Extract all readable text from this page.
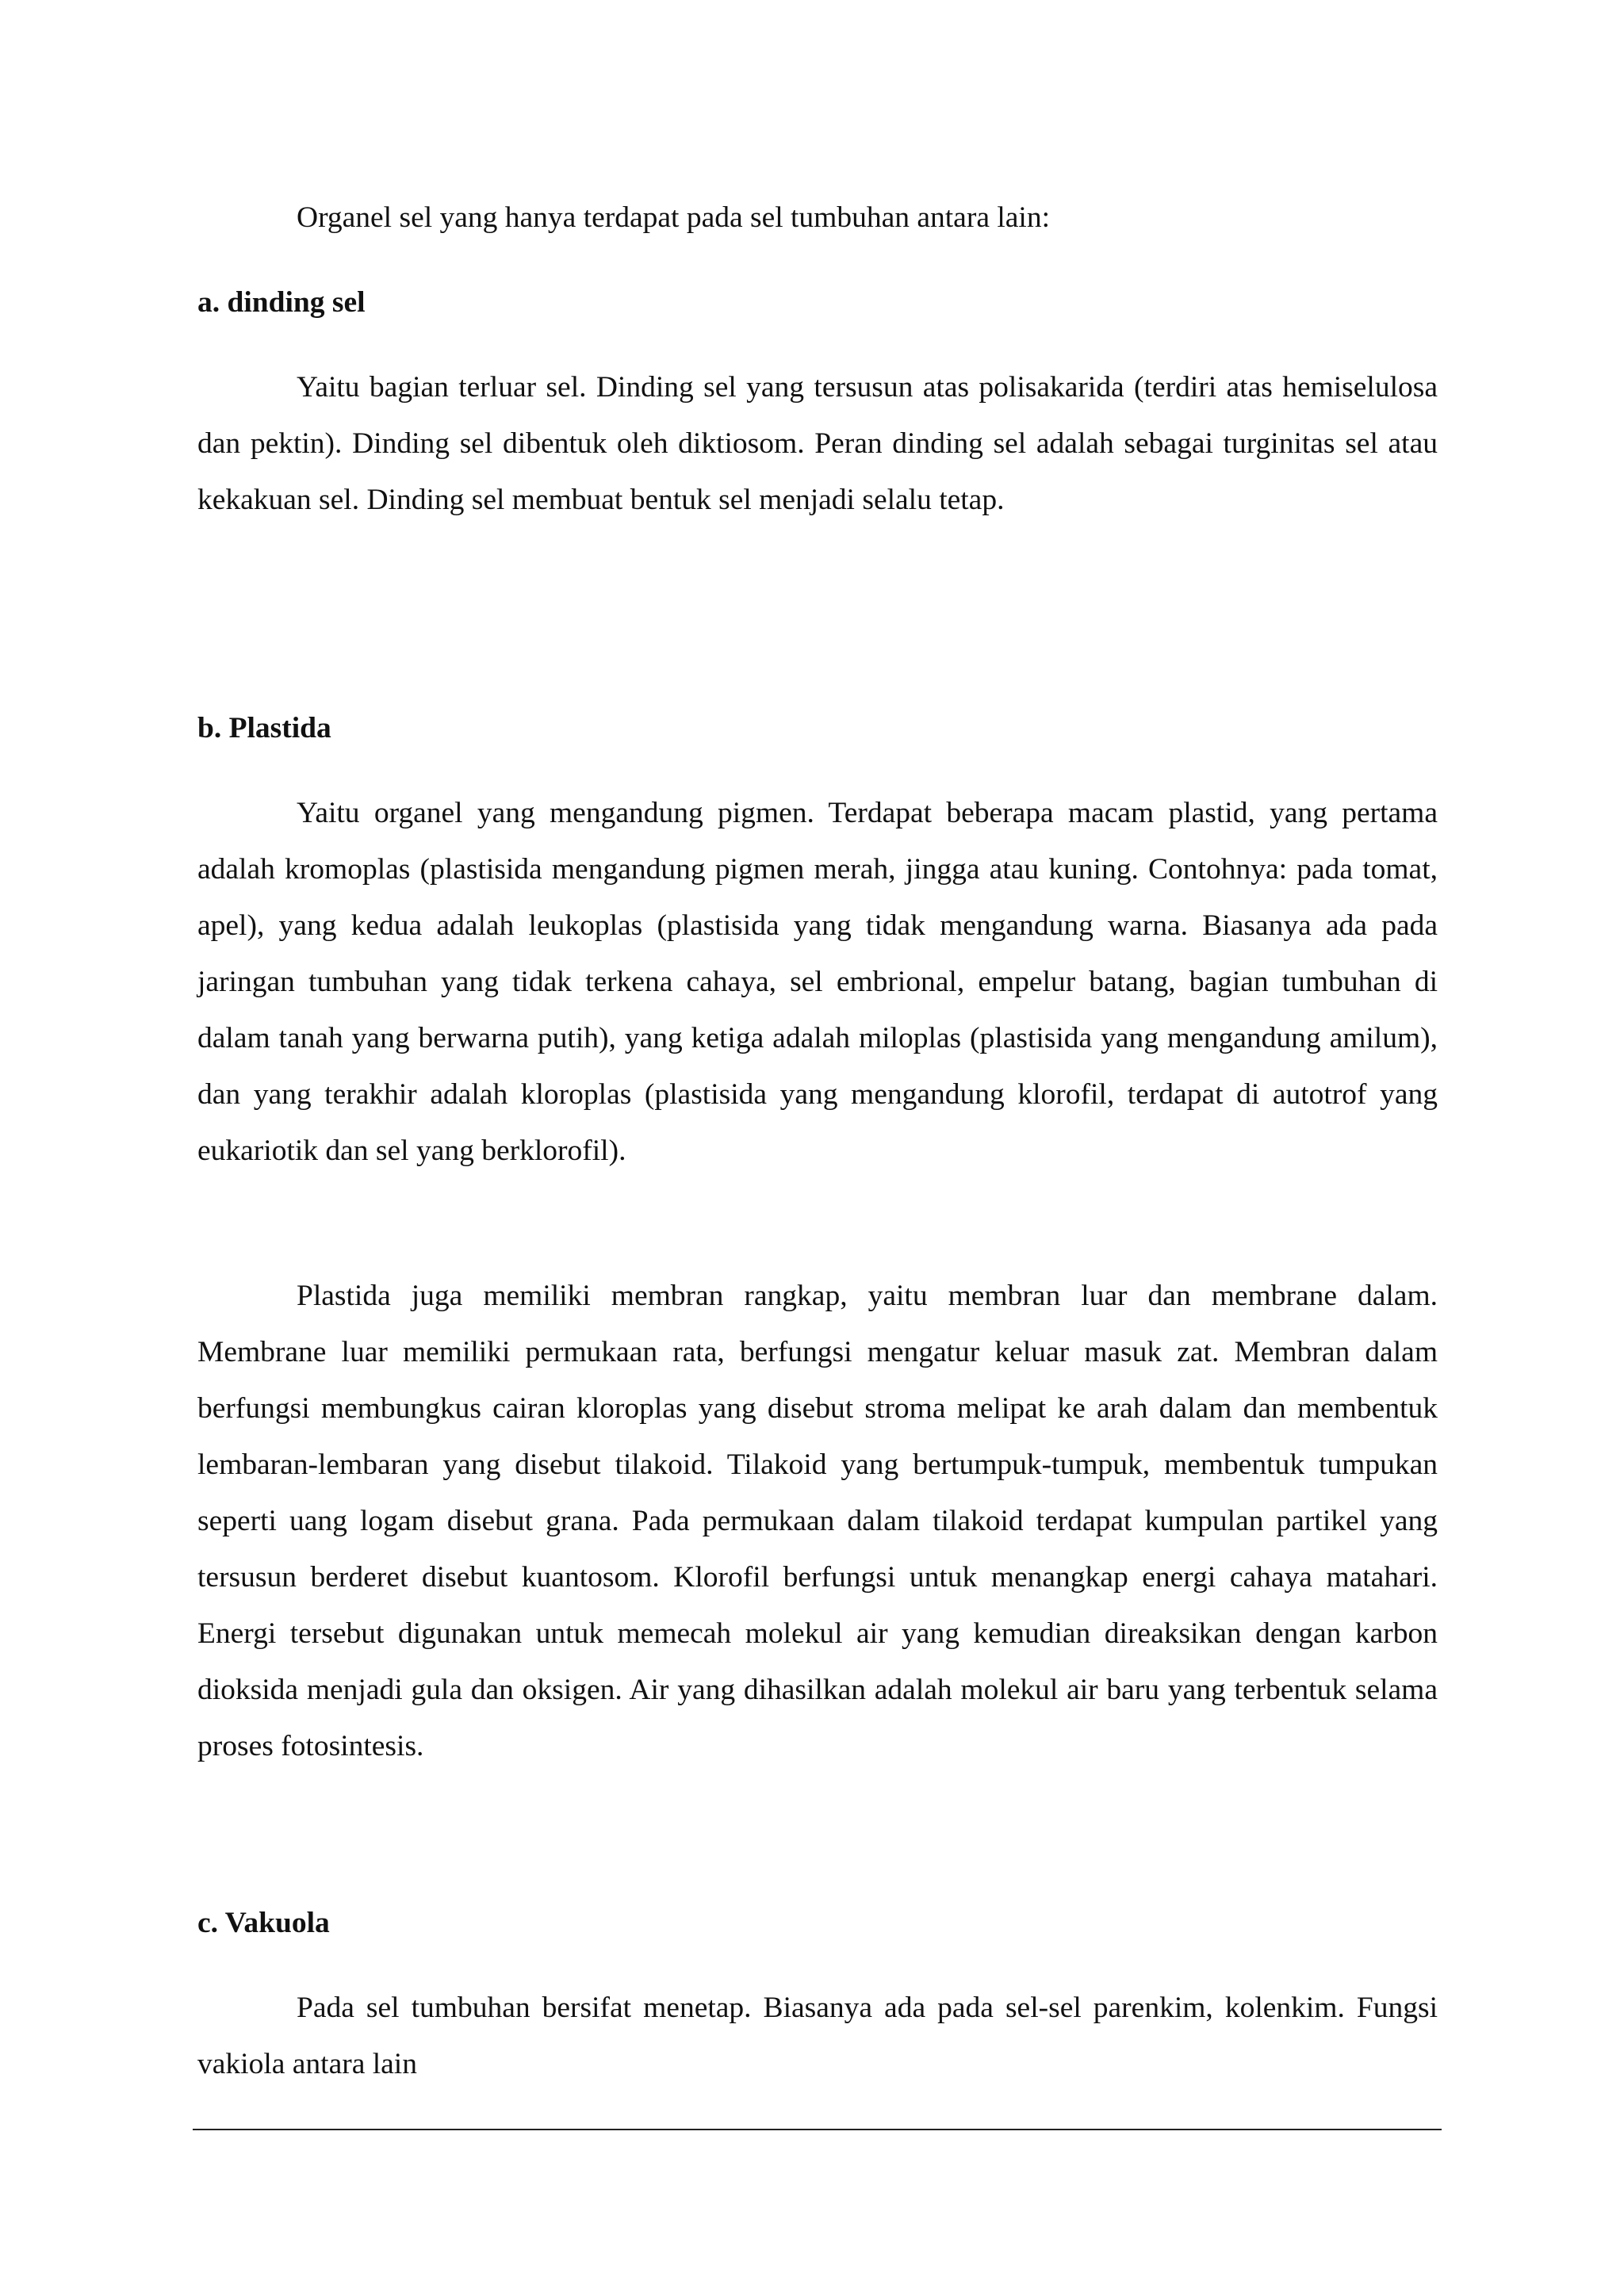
Organel sel yang hanya terdapat pada sel tumbuhan antara lain:

a. dinding sel

Yaitu bagian terluar sel. Dinding sel yang tersusun atas polisakarida (terdiri atas hemiselulosa dan pektin). Dinding sel dibentuk oleh diktiosom. Peran dinding sel adalah sebagai turginitas sel atau kekakuan sel. Dinding sel membuat bentuk sel menjadi selalu tetap.

b. Plastida

Yaitu organel yang mengandung pigmen. Terdapat beberapa macam plastid, yang pertama adalah kromoplas (plastisida mengandung pigmen merah, jingga atau kuning. Contohnya: pada tomat, apel), yang kedua adalah leukoplas (plastisida yang tidak mengandung warna. Biasanya ada pada jaringan tumbuhan yang tidak terkena cahaya, sel embrional, empelur batang, bagian tumbuhan di dalam tanah yang berwarna putih), yang ketiga adalah miloplas (plastisida yang mengandung amilum), dan yang terakhir adalah kloroplas (plastisida yang mengandung klorofil, terdapat di autotrof yang eukariotik dan sel yang berklorofil).

Plastida juga memiliki membran rangkap, yaitu membran luar dan membrane dalam. Membrane luar memiliki permukaan rata, berfungsi mengatur keluar masuk zat. Membran dalam berfungsi membungkus cairan kloroplas yang disebut stroma melipat ke arah dalam dan membentuk lembaran-lembaran yang disebut tilakoid. Tilakoid yang bertumpuk-tumpuk, membentuk tumpukan seperti uang logam disebut grana. Pada permukaan dalam tilakoid terdapat kumpulan partikel yang tersusun berderet disebut kuantosom. Klorofil berfungsi untuk menangkap energi cahaya matahari. Energi tersebut digunakan untuk memecah molekul air yang kemudian direaksikan dengan karbon dioksida menjadi gula dan oksigen. Air yang dihasilkan adalah molekul air baru yang terbentuk selama proses fotosintesis.

c. Vakuola

Pada sel tumbuhan bersifat menetap. Biasanya ada pada sel-sel parenkim, kolenkim. Fungsi vakiola antara lain
